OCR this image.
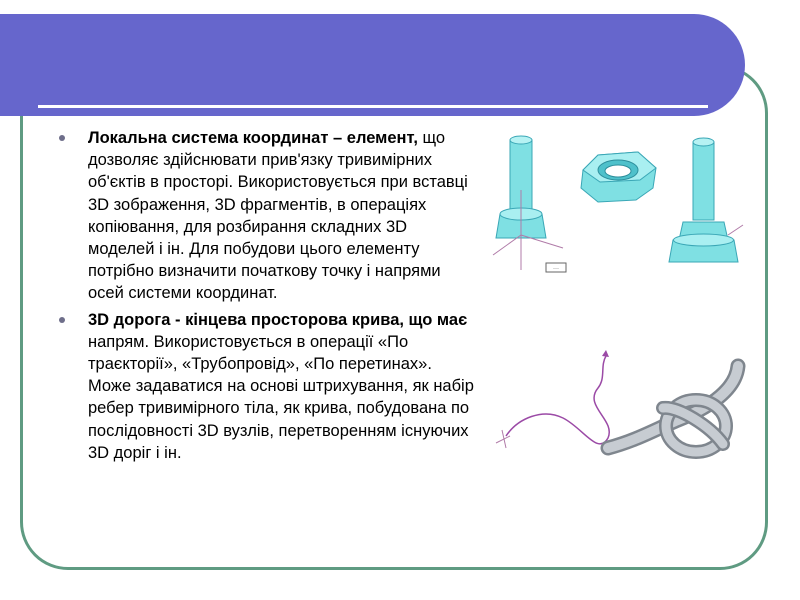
Локальна система координат – елемент, що дозволяє здійснювати прив'язку тривимірних об'єктів в просторі. Використовується при вставці 3D зображення, 3D фрагментів, в операціях копіювання, для розбирання складних 3D моделей і ін. Для побудови цього елементу потрібно визначити початкову точку і напрями осей системи координат.
3D дорога - кінцева просторова крива, що має напрям. Використовується в операції «По траєкторії», «Трубопровід», «По перетинах». Може задаватися на основі штрихування, як набір ребер тривимірного тіла, як крива, побудована по послідовності 3D вузлів, перетворенням існуючих 3D доріг і ін.
···
